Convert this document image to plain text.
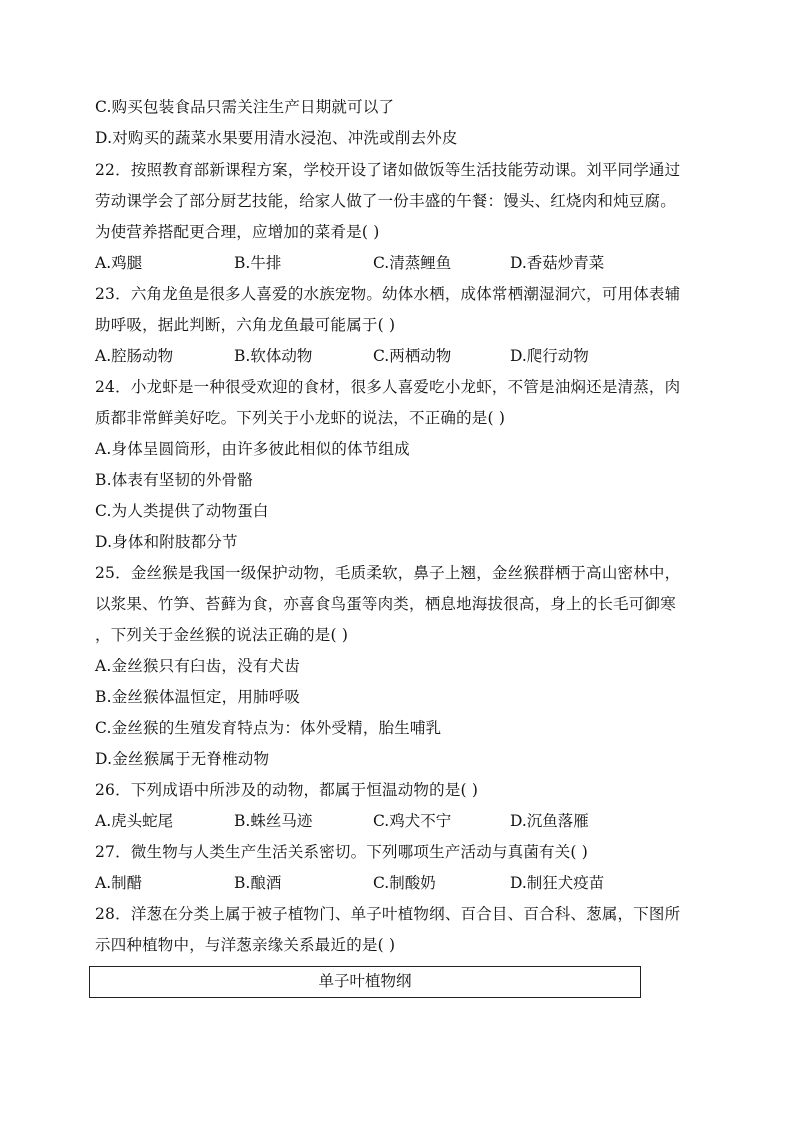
C.购买包装食品只需关注生产日期就可以了
D.对购买的蔬菜水果要用清水浸泡、冲洗或削去外皮
22．按照教育部新课程方案，学校开设了诸如做饭等生活技能劳动课。刘平同学通过
劳动课学会了部分厨艺技能，给家人做了一份丰盛的午餐：馒头、红烧肉和炖豆腐。
为使营养搭配更合理，应增加的菜肴是( )
A.鸡腿	B.牛排	C.清蒸鲤鱼	D.香菇炒青菜
23．六角龙鱼是很多人喜爱的水族宠物。幼体水栖，成体常栖潮湿洞穴，可用体表辅
助呼吸，据此判断，六角龙鱼最可能属于( )
A.腔肠动物	B.软体动物	C.两栖动物	D.爬行动物
24．小龙虾是一种很受欢迎的食材，很多人喜爱吃小龙虾，不管是油焖还是清蒸，肉
质都非常鲜美好吃。下列关于小龙虾的说法，不正确的是( )
A.身体呈圆筒形，由许多彼此相似的体节组成
B.体表有坚韧的外骨骼
C.为人类提供了动物蛋白
D.身体和附肢都分节
25．金丝猴是我国一级保护动物，毛质柔软，鼻子上翘，金丝猴群栖于高山密林中，
以浆果、竹笋、苔藓为食，亦喜食鸟蛋等肉类，栖息地海拔很高，身上的长毛可御寒
，下列关于金丝猴的说法正确的是( )
A.金丝猴只有臼齿，没有犬齿
B.金丝猴体温恒定，用肺呼吸
C.金丝猴的生殖发育特点为：体外受精，胎生哺乳
D.金丝猴属于无脊椎动物
26．下列成语中所涉及的动物，都属于恒温动物的是( )
A.虎头蛇尾	B.蛛丝马迹	C.鸡犬不宁	D.沉鱼落雁
27．微生物与人类生产生活关系密切。下列哪项生产活动与真菌有关( )
A.制醋	B.酿酒	C.制酸奶	D.制狂犬疫苗
28．洋葱在分类上属于被子植物门、单子叶植物纲、百合目、百合科、葱属，下图所
示四种植物中，与洋葱亲缘关系最近的是( )
单子叶植物纲
